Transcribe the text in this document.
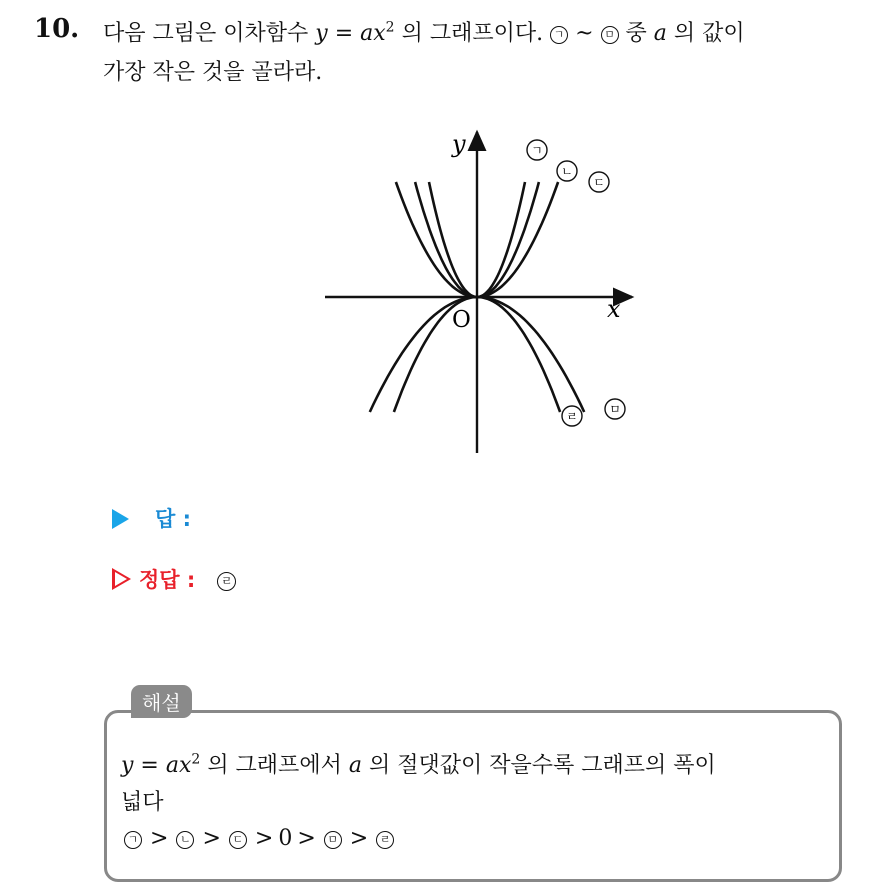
10. 다음 그림은 이차함수 $y = ax^2$ 의 그래프이다. ㄱ ~ ㅁ 중 a 의 값이
가장 작은 것을 골라라.
x
y
O
ㄱ
ㄴ
ㄷ
ㄹ	ㅁ
답 :
정답 : ㄹ
해설
$y = ax^2$ 의 그래프에서 a 의 절댓값이 작을수록 그래프의 폭이
넓다
ㄱ > ㄴ > ㄷ > 0 > ㅁ > ㄹ
